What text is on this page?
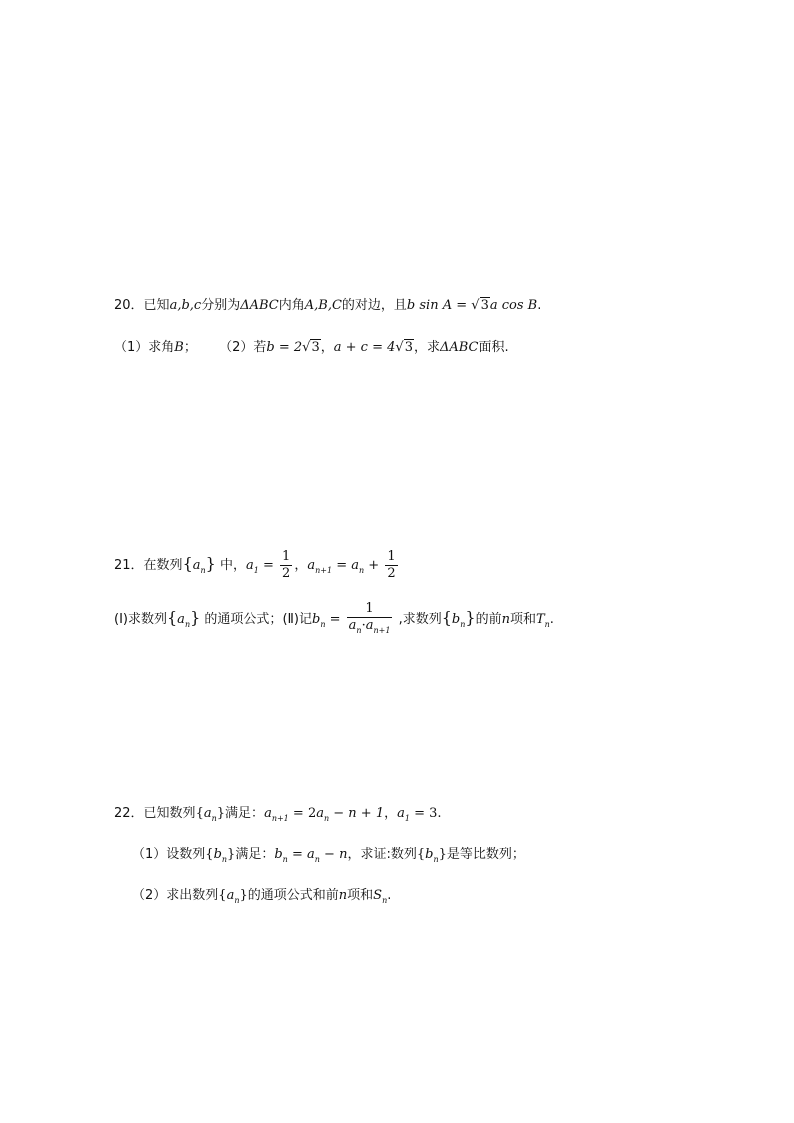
20．已知a,b,c分别为ΔABC内角A,B,C的对边，且b sin A = √3a cos B.
（1）求角B； （2）若b = 2√3，a + c = 4√3，求ΔABC面积.
21．在数列$\{a_n\}$ 中，$a_1 = \frac{1}{2}$ ，$a_{n+1} = a_n + \frac{1}{2}$
(Ⅰ)求数列$\{a_n\}$ 的通项公式；(Ⅱ)记$b_n = \frac{1}{a_n\cdot a_{n+1}}$ ,求数列$\{b_n\}$的前n项和$T_n$.
22．已知数列$\{a_n\}$满足：$a_{n+1} = 2a_n - n + 1$，$a_1 = 3$.
（1）设数列$\{b_n\}$满足：$b_n = a_n - n$，求证:数列$\{b_n\}$是等比数列；
（2）求出数列$\{a_n\}$的通项公式和前n项和$S_n$.
